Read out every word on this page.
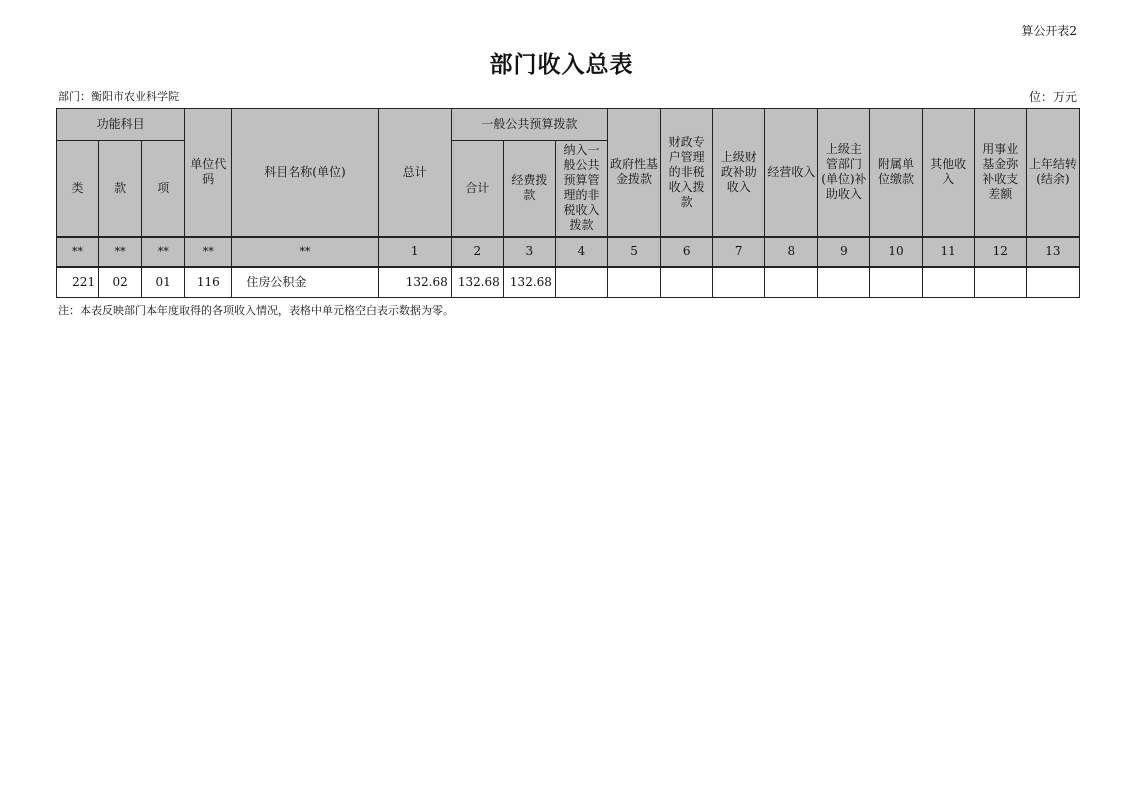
算公开表2
部门收入总表
部门：衡阳市农业科学院	位：万元
功能科目			单位代码	科目名称(单位)	总计	一般公共预算拨款			政府性基金拨款	财政专户管理的非税收入拨款	上级财政补助收入	经营收入	上级主管部门(单位)补助收入	附属单位缴款	其他收入	用事业基金弥补收支差额	上年结转(结余)
类	款	项				合计	经费拨款	纳入一般公共预算管理的非税收入拨款									
**	**	**	**	**	1	2	3	4	5	6	7	8	9	10	11	12	13
221	02	01	116	住房公积金	132.68	132.68	132.68										
注：本表反映部门本年度取得的各项收入情况，表格中单元格空白表示数据为零。
